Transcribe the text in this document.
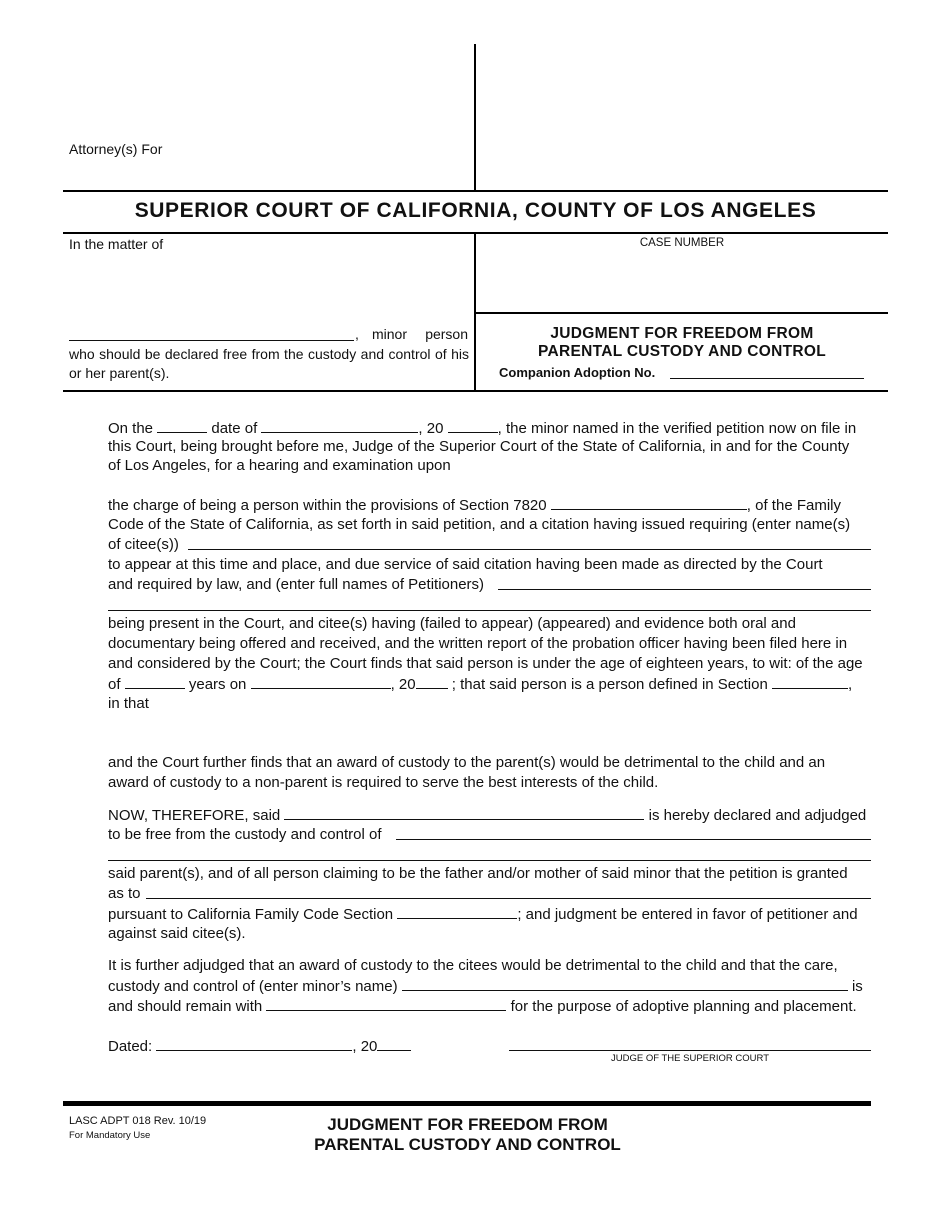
Attorney(s) For
SUPERIOR COURT OF CALIFORNIA, COUNTY OF LOS ANGELES
In the matter of	CASE NUMBER
, minor person
who should be declared free from the custody and control of his or her parent(s).
JUDGMENT FOR FREEDOM FROM
PARENTAL CUSTODY AND CONTROL
Companion Adoption No.
On the	date of	, 20	, the minor named in the verified petition now on file in
this Court, being brought before me, Judge of the Superior Court of the State of California, in and for the County
of Los Angeles, for a hearing and examination upon
the charge of being a person within the provisions of Section 7820	, of the Family
Code of the State of California, as set forth in said petition, and a citation having issued requiring (enter name(s)
of citee(s))
to appear at this time and place, and due service of said citation having been made as directed by the Court
and required by law, and (enter full names of Petitioners)
being present in the Court, and citee(s) having (failed to appear) (appeared) and evidence both oral and
documentary being offered and received, and the written report of the probation officer having been filed here in
and considered by the Court; the Court finds that said person is under the age of eighteen years, to wit: of the age
of	years on	, 20 ; that said person is a person defined in Section	,
in that
and the Court further finds that an award of custody to the parent(s) would be detrimental to the child and an
award of custody to a non-parent is required to serve the best interests of the child.
NOW, THEREFORE, said	is hereby declared and adjudged
to be free from the custody and control of
said parent(s), and of all person claiming to be the father and/or mother of said minor that the petition is granted
as to
pursuant to California Family Code Section	; and judgment be entered in favor of petitioner and
against said citee(s).
It is further adjudged that an award of custody to the citees would be detrimental to the child and that the care,
custody and control of (enter minor’s name)	is
and should remain with	for the purpose of adoptive planning and placement.
Dated:	, 20
JUDGE OF THE SUPERIOR COURT
LASC ADPT 018 Rev. 10/19
For Mandatory Use
JUDGMENT FOR FREEDOM FROM
PARENTAL CUSTODY AND CONTROL
